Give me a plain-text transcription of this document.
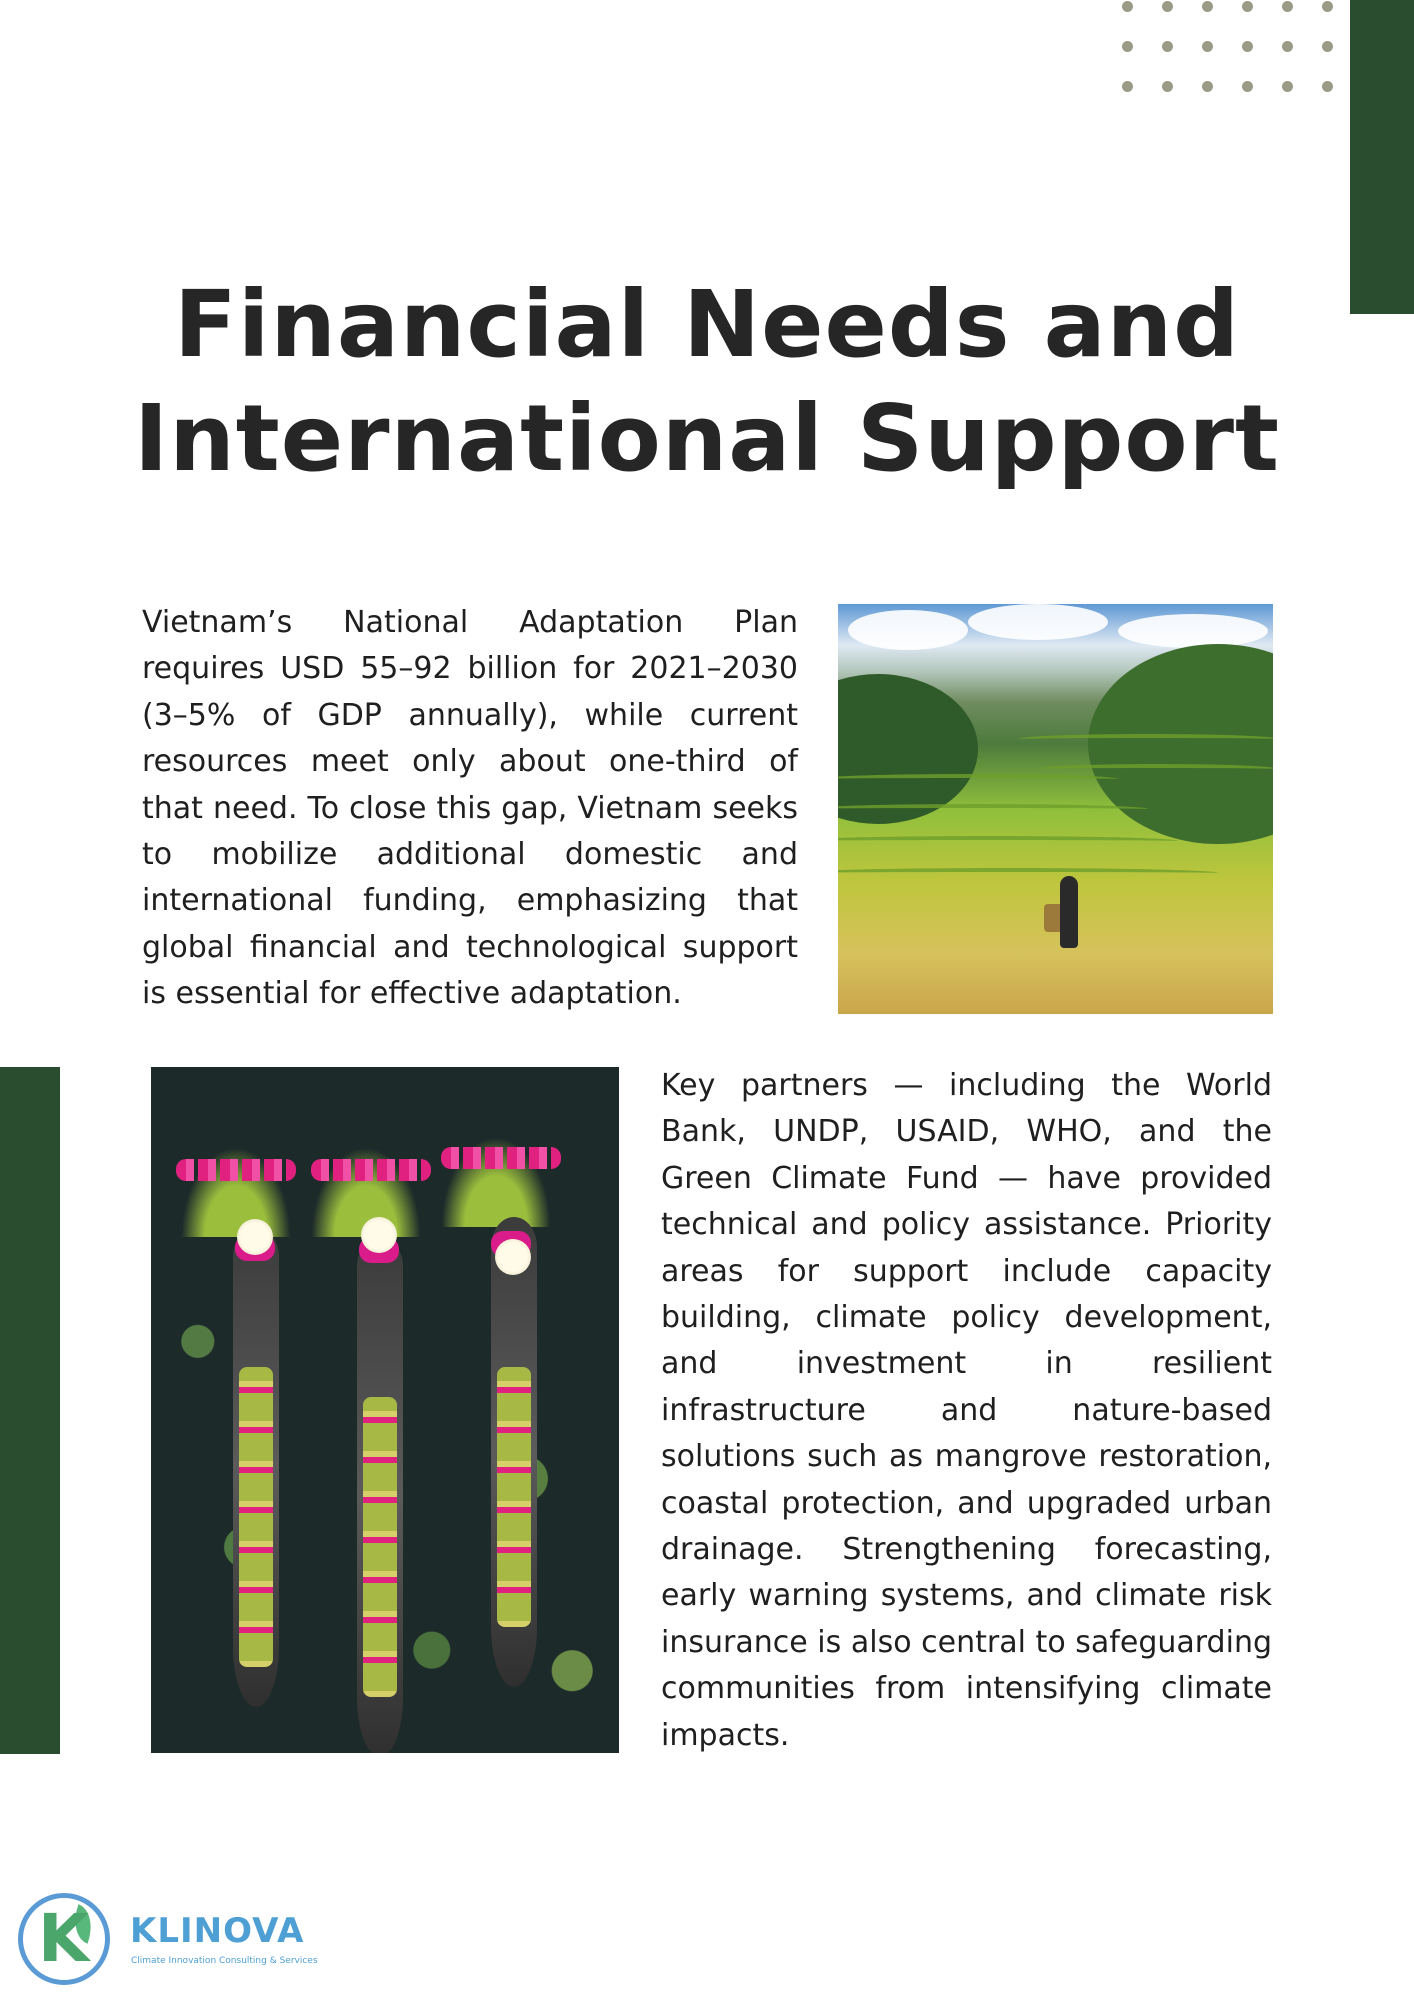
Financial Needs and
International Support

Vietnam’s National Adaptation Plan requires USD 55–92 billion for 2021–2030 (3–5% of GDP annually), while current resources meet only about one-third of that need. To close this gap, Vietnam seeks to mobilize additional domestic and international funding, emphasizing that global financial and technological support is essential for effective adaptation.

Key partners — including the World Bank, UNDP, USAID, WHO, and the Green Climate Fund — have provided technical and policy assistance. Priority areas for support include capacity building, climate policy development, and investment in resilient infrastructure and nature-based solutions such as mangrove restoration, coastal protection, and upgraded urban drainage. Strengthening forecasting, early warning systems, and climate risk insurance is also central to safeguarding communities from intensifying climate impacts.

K KLINOVA
Climate Innovation Consulting & Services
